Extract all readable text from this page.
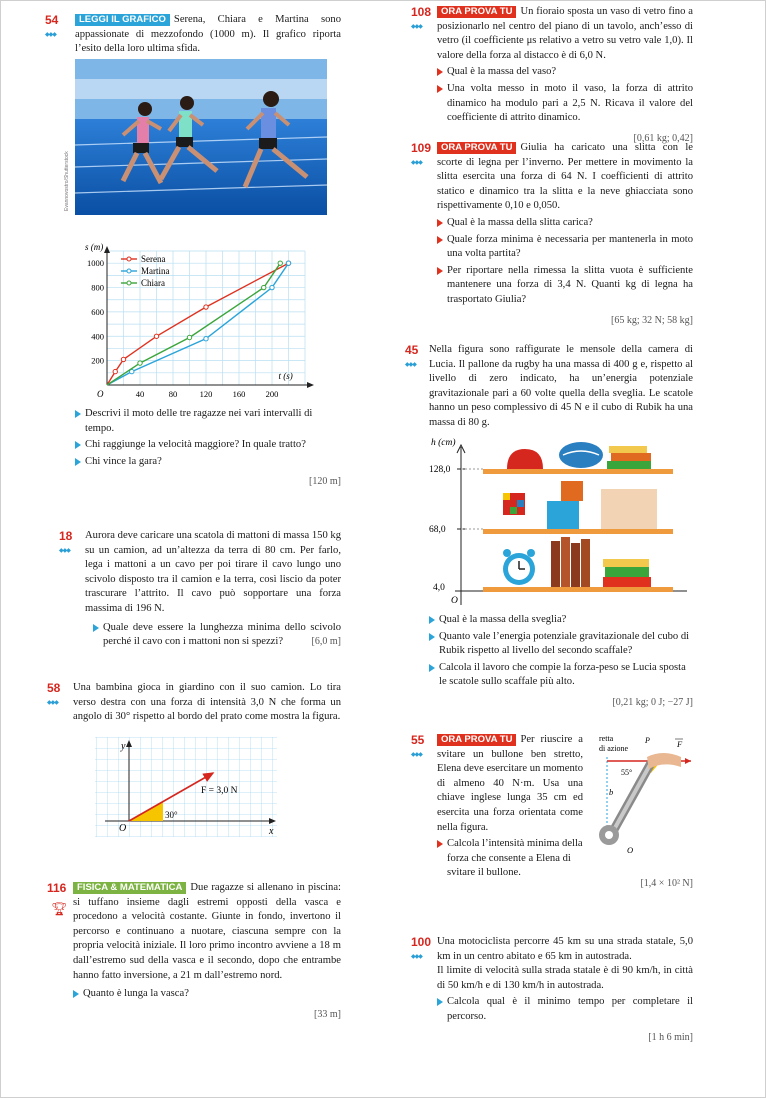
54
◆◆◆
LEGGI IL GRAFICO Serena, Chiara e Martina sono appassionate di mezzofondo (1000 m). Il grafico riporta l’esito della loro ultima sfida.
Evannovostro/Shutterstock
s (m)
t (s)
O	40	80	120 160 200
200
400
600
800
1000	Serena
Martina
Chiara
Descrivi il moto delle tre ragazze nei vari intervalli di tempo.
Chi raggiunge la velocità maggiore? In quale tratto?
Chi vince la gara?
[120 m]
18
◆◆◆
Aurora deve caricare una scatola di mattoni di massa 150 kg su un camion, ad un’altezza da terra di 80 cm. Per farlo, lega i mattoni a un cavo per poi tirare il cavo lungo uno scivolo disposto tra il camion e la terra, così liscio da poter trascurare l’attrito. Il cavo può sopportare una forza massima di 196 N.
Quale deve essere la lunghezza minima dello scivolo perché il cavo con i mattoni non si spezzi?	[6,0 m]
58
◆◆◆
Una bambina gioca in giardino con il suo camion. Lo tira verso destra con una forza di intensità 3,0 N che forma un angolo di 30° rispetto al bordo del prato come mostra la figura.
y
x
O
F = 3,0 N
30°
116	FISICA & MATEMATICA Due ragazze si allenano in piscina: si tuffano insieme dagli estremi opposti della vasca e procedono a velocità costante. Giunte in fondo, invertono il percorso e continuano a nuotare, ciascuna sempre con la propria velocità iniziale. Il loro primo incontro avviene a 18 m dall’estremo sud della vasca e il secondo, dopo che entrambe hanno fatto inversione, a 21 m dall’estremo nord.
Quanto è lunga la vasca?
[33 m]
🏆︎
108
◆◆◆
ORA PROVA TU Un fioraio sposta un vaso di vetro fino a posizionarlo nel centro del piano di un tavolo, anch’esso di vetro (il coefficiente μs relativo a vetro su vetro vale 1,0). Il valore della forza al distacco è di 6,0 N.
Qual è la massa del vaso?
Una volta messo in moto il vaso, la forza di attrito dinamico ha modulo pari a 2,5 N. Ricava il valore del coefficiente di attrito dinamico.
[0,61 kg; 0,42]
109
◆◆◆
ORA PROVA TU Giulia ha caricato una slitta con le scorte di legna per l’inverno. Per mettere in movimento la slitta esercita una forza di 64 N. I coefficienti di attrito statico e dinamico tra la slitta e la neve ghiacciata sono rispettivamente 0,10 e 0,050.
Qual è la massa della slitta carica?
Quale forza minima è necessaria per mantenerla in moto una volta partita?
Per riportare nella rimessa la slitta vuota è sufficiente mantenere una forza di 3,4 N. Quanti kg di legna ha trasportato Giulia?
[65 kg; 32 N; 58 kg]
45
◆◆◆
Nella figura sono raffigurate le mensole della camera di Lucia. Il pallone da rugby ha una massa di 400 g e, rispetto al livello di zero indicato, ha un’energia potenziale gravitazionale pari a 60 volte quella della sveglia. Le scatole hanno un peso complessivo di 45 N e il cubo di Rubik ha una massa di 80 g.
h (cm)
128,0
68,0
4,0
O
Qual è la massa della sveglia?
Quanto vale l’energia potenziale gravitazionale del cubo di Rubik rispetto al livello del secondo scaffale?
Calcola il lavoro che compie la forza-peso se Lucia sposta le scatole sullo scaffale più alto.
[0,21 kg; 0 J; −27 J]
55
◆◆◆
ORA PROVA TU Per riuscire a svitare un bullone ben stretto, Elena deve esercitare un momento di almeno 40 N·m. Usa una chiave inglese lunga 35 cm ed esercita una forza orientata come nella figura.
Calcola l’intensità minima della forza che consente a Elena di svitare il bullone.
retta
di azione
P	F
55°
b
O
[1,4 × 10² N]
100
◆◆◆
Una motociclista percorre 45 km su una strada statale, 5,0 km in un centro abitato e 65 km in autostrada.
Il limite di velocità sulla strada statale è di 90 km/h, in città di 50 km/h e di 130 km/h in autostrada.
Calcola qual è il minimo tempo per completare il percorso.
[1 h 6 min]
